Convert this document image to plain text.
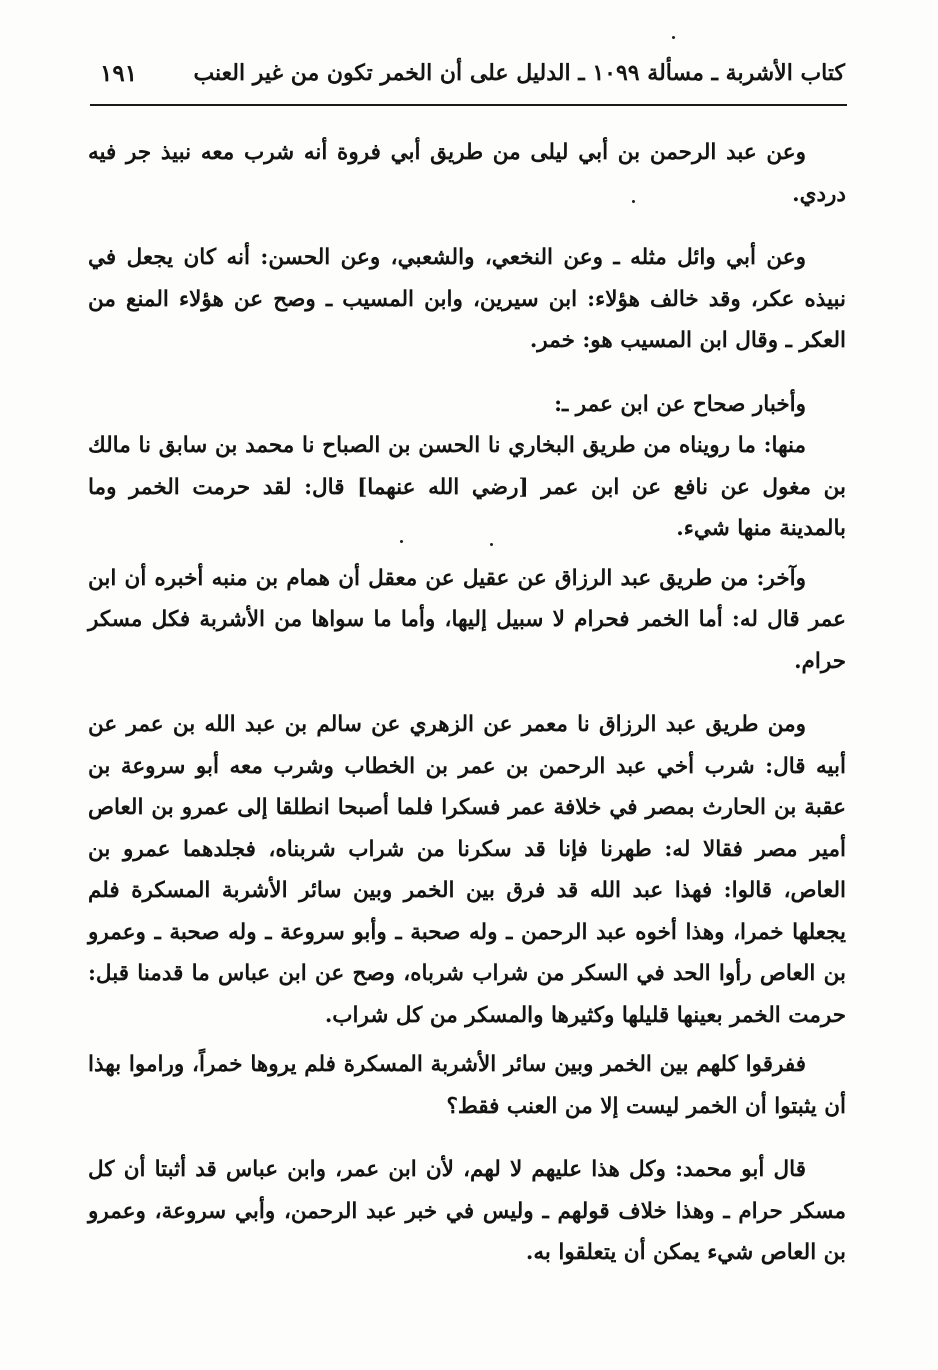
كتاب الأشربة ـ مسألة ١٠٩٩ ـ الدليل على أن الخمر تكون من غير العنب
١٩١

وعن عبد الرحمن بن أبي ليلى من طريق أبي فروة أنه شرب معه نبيذ جر فيه دردي.

وعن أبي وائل مثله ـ وعن النخعي، والشعبي، وعن الحسن: أنه كان يجعل في نبيذه عكر، وقد خالف هؤلاء: ابن سيرين، وابن المسيب ـ وصح عن هؤلاء المنع من العكر ـ وقال ابن المسيب هو: خمر.

وأخبار صحاح عن ابن عمر ـ:

منها: ما رويناه من طريق البخاري نا الحسن بن الصباح نا محمد بن سابق نا مالك بن مغول عن نافع عن ابن عمر [رضي الله عنهما] قال: لقد حرمت الخمر وما بالمدينة منها شيء.

وآخر: من طريق عبد الرزاق عن عقيل عن معقل أن همام بن منبه أخبره أن ابن عمر قال له: أما الخمر فحرام لا سبيل إليها، وأما ما سواها من الأشربة فكل مسكر حرام.

ومن طريق عبد الرزاق نا معمر عن الزهري عن سالم بن عبد الله بن عمر عن أبيه قال: شرب أخي عبد الرحمن بن عمر بن الخطاب وشرب معه أبو سروعة بن عقبة بن الحارث بمصر في خلافة عمر فسكرا فلما أصبحا انطلقا إلى عمرو بن العاص أمير مصر فقالا له: طهرنا فإنا قد سكرنا من شراب شربناه، فجلدهما عمرو بن العاص، قالوا: فهذا عبد الله قد فرق بين الخمر وبين سائر الأشربة المسكرة فلم يجعلها خمرا، وهذا أخوه عبد الرحمن ـ وله صحبة ـ وأبو سروعة ـ وله صحبة ـ وعمرو بن العاص رأوا الحد في السكر من شراب شرباه، وصح عن ابن عباس ما قدمنا قبل: حرمت الخمر بعينها قليلها وكثيرها والمسكر من كل شراب.

ففرقوا كلهم بين الخمر وبين سائر الأشربة المسكرة فلم يروها خمراً، وراموا بهذا أن يثبتوا أن الخمر ليست إلا من العنب فقط؟

قال أبو محمد: وكل هذا عليهم لا لهم، لأن ابن عمر، وابن عباس قد أثبتا أن كل مسكر حرام ـ وهذا خلاف قولهم ـ وليس في خبر عبد الرحمن، وأبي سروعة، وعمرو بن العاص شيء يمكن أن يتعلقوا به.
